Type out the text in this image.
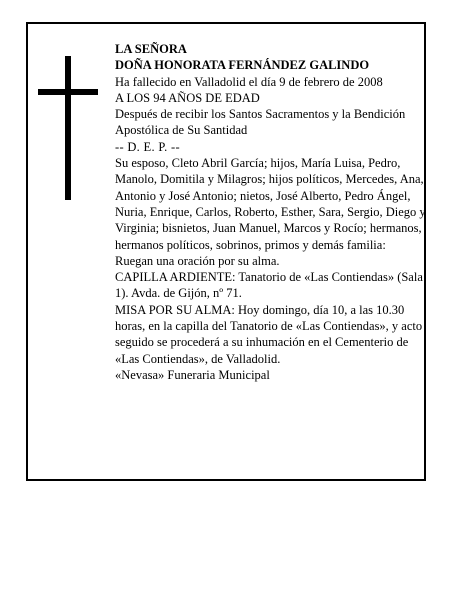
LA SEÑORA

DOÑA HONORATA FERNÁNDEZ GALINDO

Ha fallecido en Valladolid el día 9 de febrero de 2008

A LOS 94 AÑOS DE EDAD

Después de recibir los Santos Sacramentos y la Bendición Apostólica de Su Santidad

-- D. E. P. --

Su esposo, Cleto Abril García; hijos, María Luisa, Pedro, Manolo, Domitila y Milagros; hijos políticos, Mercedes, Ana, Antonio y José Antonio; nietos, José Alberto, Pedro Ángel, Nuria, Enrique, Carlos, Roberto, Esther, Sara, Sergio, Diego y Virginia; bisnietos, Juan Manuel, Marcos y Rocío; hermanos, hermanos políticos, sobrinos, primos y demás familia:

Ruegan una oración por su alma.

CAPILLA ARDIENTE: Tanatorio de «Las Contiendas» (Sala 1). Avda. de Gijón, nº 71.

MISA POR SU ALMA: Hoy domingo, día 10, a las 10.30 horas, en la capilla del Tanatorio de «Las Contiendas», y acto seguido se procederá a su inhumación en el Cementerio de «Las Contiendas», de Valladolid.

«Nevasa» Funeraria Municipal
